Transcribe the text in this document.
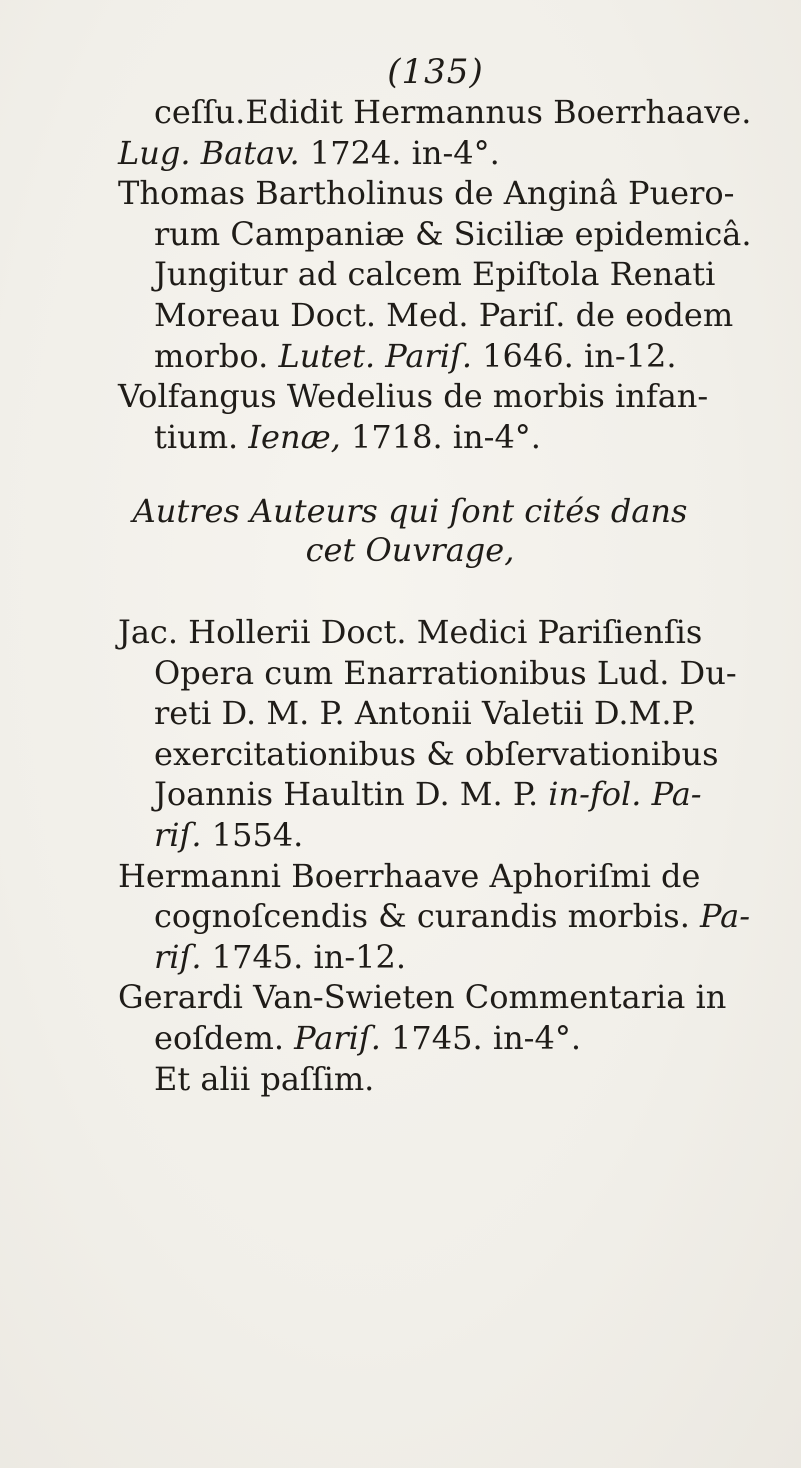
(135)
ceſſu.Edidit Hermannus Boerrhaave.
Lug. Batav. 1724. in-4°.
Thomas Bartholinus de Anginâ Puero-
rum Campaniæ & Siciliæ epidemicâ.
Jungitur ad calcem Epiſtola Renati
Moreau Doct. Med. Pariſ. de eodem
morbo. Lutet. Pariſ. 1646. in-12.
Volfangus Wedelius de morbis infan-
tium. Ienæ, 1718. in-4°.
Autres Auteurs qui ſont cités dans
cet Ouvrage,
Jac. Hollerii Doct. Medici Pariſienſis
Opera cum Enarrationibus Lud. Du-
reti D. M. P. Antonii Valetii D.M.P.
exercitationibus & obſervationibus
Joannis Haultin D. M. P. in-fol. Pa-
riſ. 1554.
Hermanni Boerrhaave Aphoriſmi de
cognoſcendis & curandis morbis. Pa-
riſ. 1745. in-12.
Gerardi Van-Swieten Commentaria in
eoſdem. Pariſ. 1745. in-4°.
Et alii paſſim.
